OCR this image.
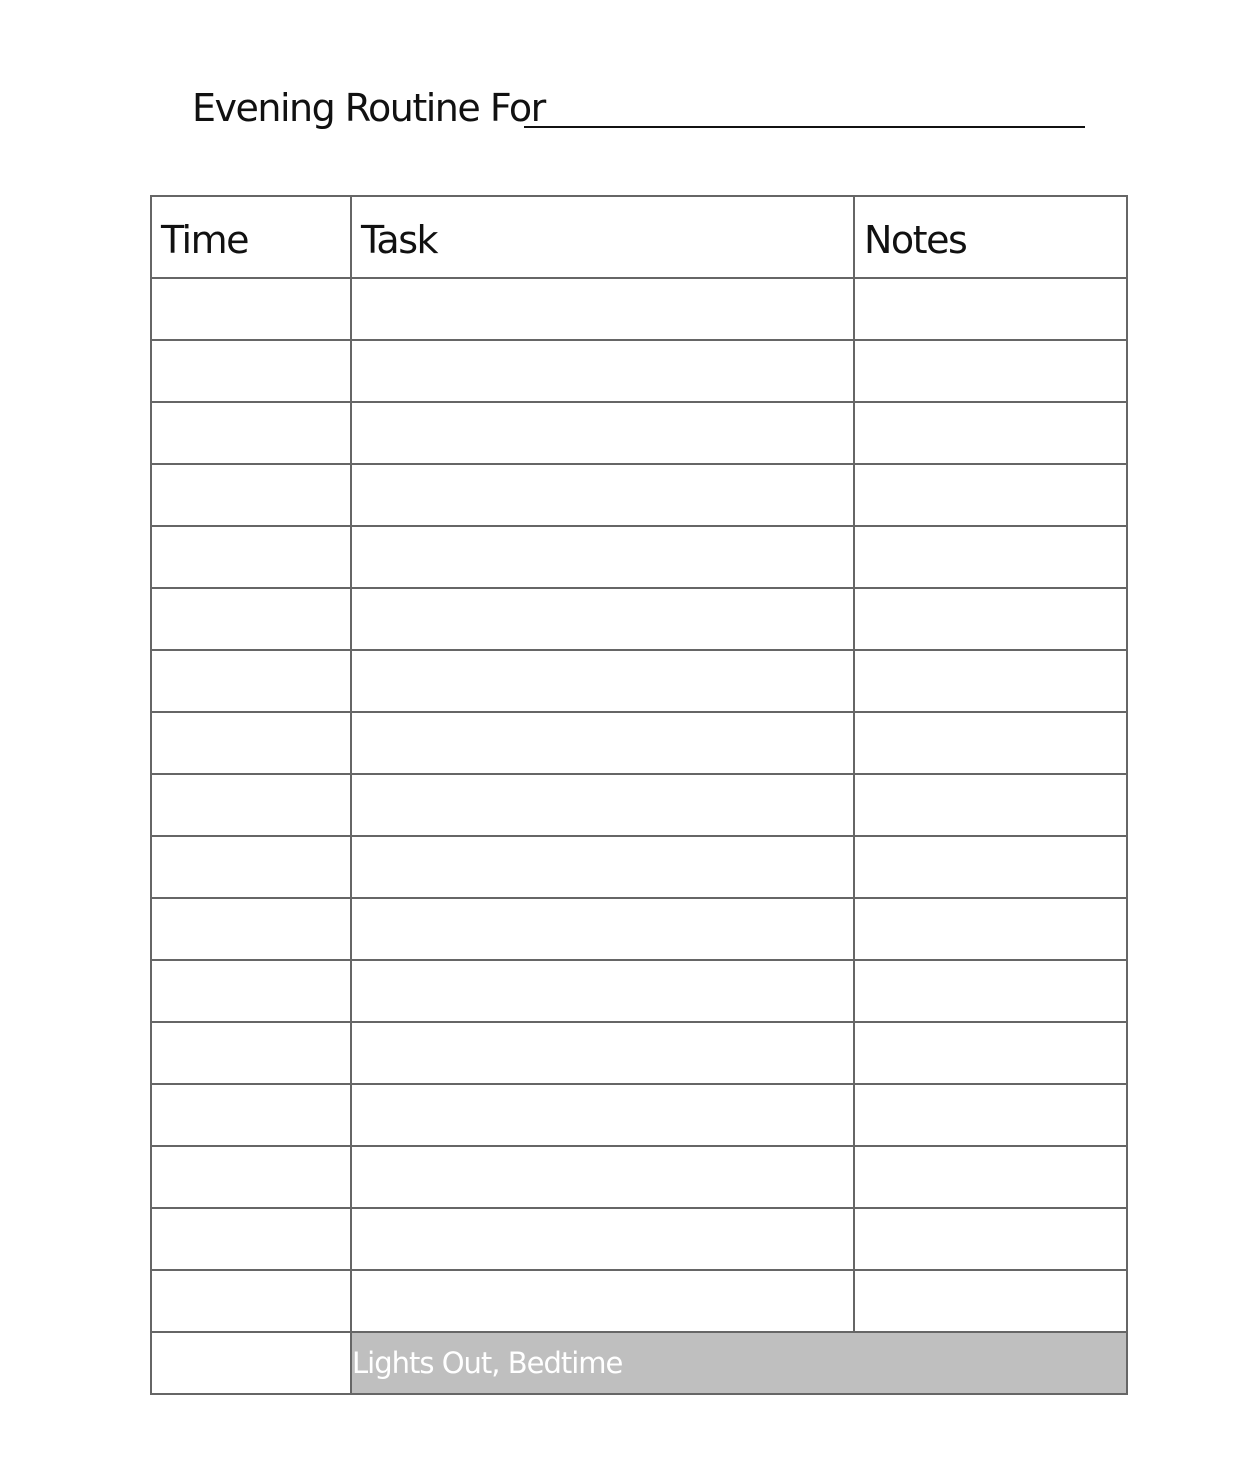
Evening Routine For
Time	Task	Notes

	Lights Out, Bedtime	
